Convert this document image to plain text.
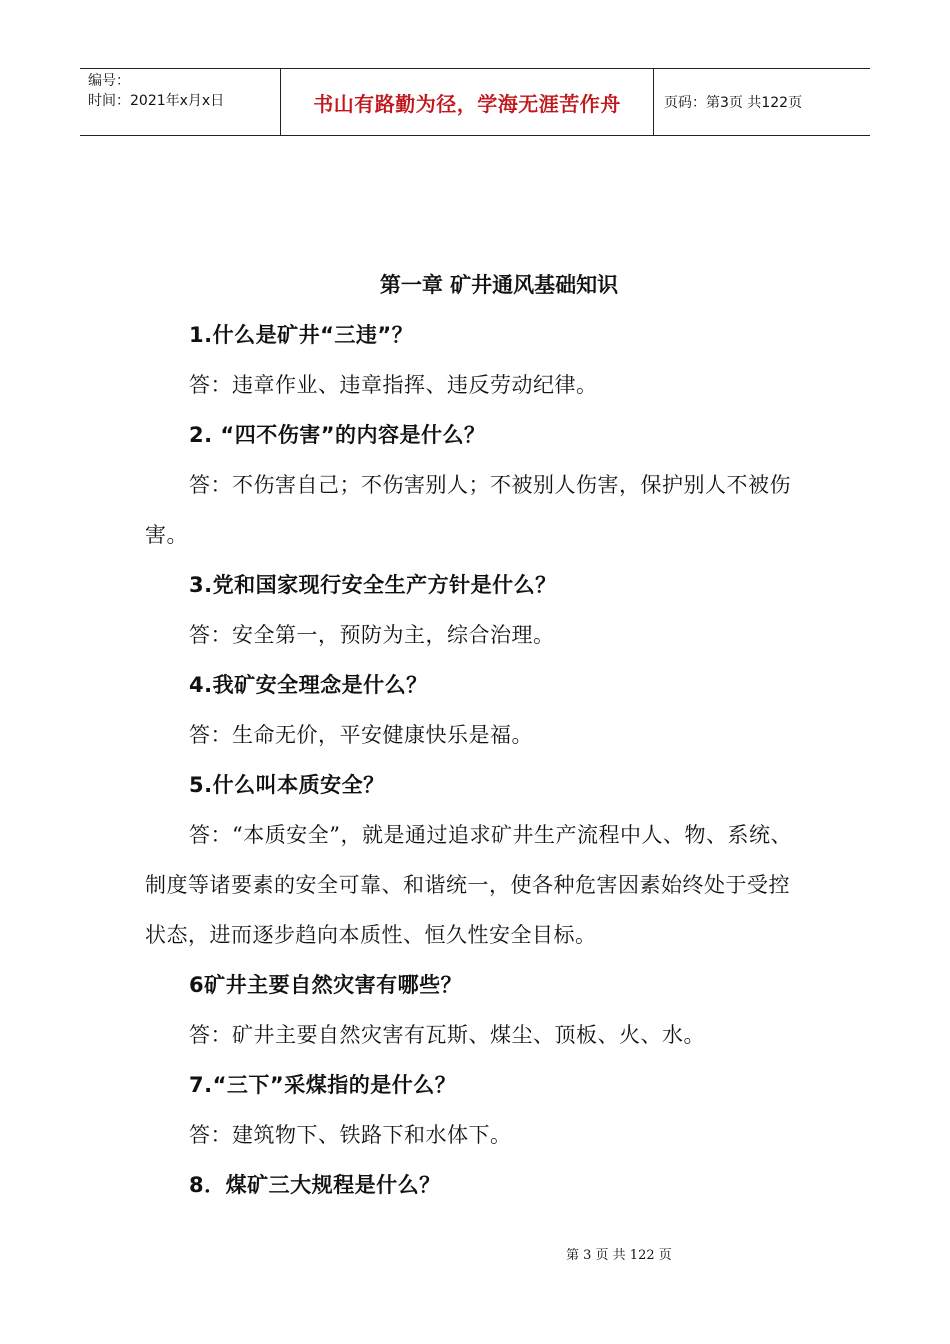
编号：
时间：2021年x月x日	书山有路勤为径，学海无涯苦作舟	页码：第3页 共122页

第一章 矿井通风基础知识

1.什么是矿井“三违”？

答：违章作业、违章指挥、违反劳动纪律。

2. “四不伤害”的内容是什么？

答：不伤害自己；不伤害别人；不被别人伤害，保护别人不被伤害。

3.党和国家现行安全生产方针是什么？

答：安全第一，预防为主，综合治理。

4.我矿安全理念是什么？

答：生命无价，平安健康快乐是福。

5.什么叫本质安全？

答：“本质安全”，就是通过追求矿井生产流程中人、物、系统、制度等诸要素的安全可靠、和谐统一，使各种危害因素始终处于受控状态，进而逐步趋向本质性、恒久性安全目标。

6矿井主要自然灾害有哪些？

答：矿井主要自然灾害有瓦斯、煤尘、顶板、火、水。

7.“三下”采煤指的是什么？

答：建筑物下、铁路下和水体下。

8．煤矿三大规程是什么？

第 3 页 共 122 页
